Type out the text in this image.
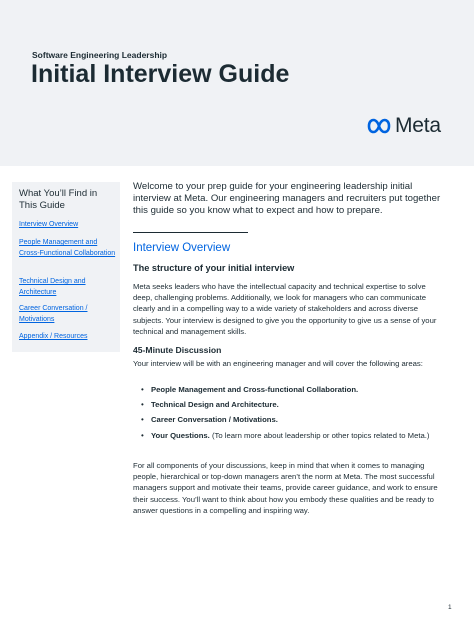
Software Engineering Leadership
Initial Interview Guide
Meta
What You’ll Find in This Guide
Interview Overview
People Management and Cross-Functional Collaboration
Technical Design and Architecture
Career Conversation / Motivations
Appendix / Resources
Welcome to your prep guide for your engineering leadership initial interview at Meta. Our engineering managers and recruiters put together this guide so you know what to expect and how to prepare.
Interview Overview
The structure of your initial interview
Meta seeks leaders who have the intellectual capacity and technical expertise to solve deep, challenging problems. Additionally, we look for managers who can communicate clearly and in a compelling way to a wide variety of stakeholders and across diverse subjects. Your interview is designed to give you the opportunity to give us a sense of your technical and management skills.
45-Minute Discussion
Your interview will be with an engineering manager and will cover the following areas:
• People Management and Cross-functional Collaboration.
• Technical Design and Architecture.
• Career Conversation / Motivations.
• Your Questions. (To learn more about leadership or other topics related to Meta.)
For all components of your discussions, keep in mind that when it comes to managing people, hierarchical or top-down managers aren’t the norm at Meta. The most successful managers support and motivate their teams, provide career guidance, and work to ensure their success. You’ll want to think about how you embody these qualities and be ready to answer questions in a compelling and inspiring way.
1
